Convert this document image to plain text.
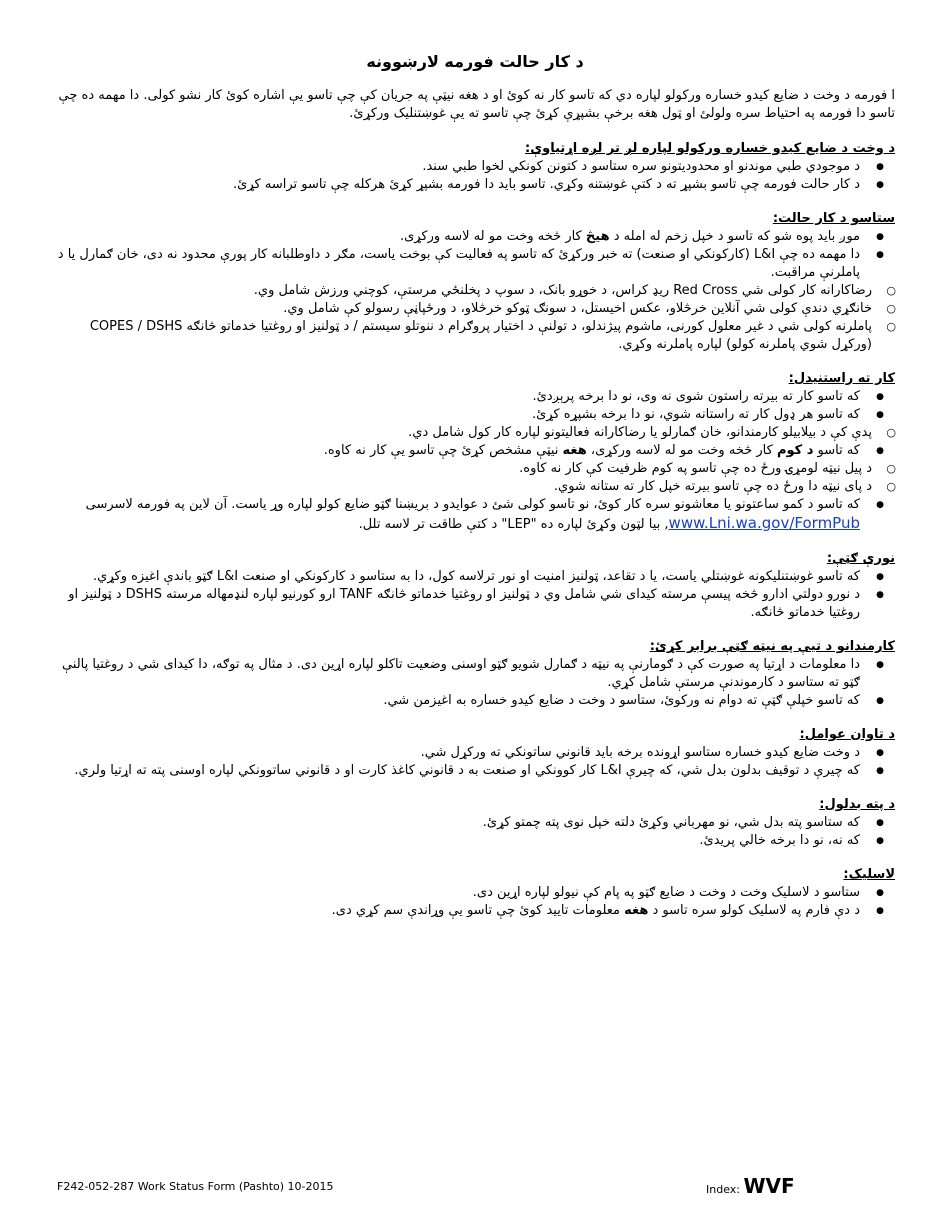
د کار حالت فورمه لارښوونه

ا فورمه د وخت د ضایع کیدو خساره ورکولو لپاره دي که تاسو کار نه کوئ او د هغه نیټې په جریان کې چې تاسو یې اشاره کوئ کار نشو کولی. دا مهمه ده چې تاسو دا فورمه په احتیاط سره ولولئ او ټول هغه برخې بشپړې کړئ چې تاسو ته یې غوښتنلیک ورکړئ.

د وخت د ضایع کیدو خساره ورکولو لپاره لږ تر لږه اړتیاوې:
● د موجودي طبي موندنو او محدودیتونو سره ستاسو د کتونن کونکي لخوا طبي سند.
● د کار حالت فورمه چې تاسو بشپړ ته د کتې غوښتنه وکړي. تاسو باید دا فورمه بشپړ کړئ هرکله چې تاسو تراسه کړئ.
ستاسو د کار حالت:
● موږ باید پوه شو که تاسو د خپل زخم له امله د هیڅ کار څخه وخت مو له لاسه ورکړی.
● دا مهمه ده چې L&I (کارکونکي او صنعت) ته خبر ورکړئ که تاسو په فعالیت کې بوخت یاست، مګر د داوطلبانه کار پورې محدود نه دی، خان ګمارل یا د پاملرنې مراقبت.
○ رضاکارانه کار کولی شي Red Cross ریډ کراس، د خوړو بانک، د سوپ د پخلنځي مرستې، کوچني ورزش شامل وي.
○ خانګړي دندې کولی شي آنلاین خرڅلاو، عکس اخیستل، د سونګ ټوکو خرڅلاو، د ورځپاڼې رسولو کې شامل وي.
○ پاملرنه کولی شي د غیر معلول کورنی، ماشوم پیژندلو، د تولنې د اختیار پروګرام د ننوتلو سیستم / د ټولنیز او روغتیا خدماتو څانګه COPES / DSHS (ورکړل شوي پاملرنه کولو) لپاره پاملرنه وکړي.
کار ته راستنیدل:
● که تاسو کار ته بیرته راستون شوی نه وی، نو دا برخه پرېږدئ.
● که تاسو هر ډول کار ته راستانه شوي، نو دا برخه بشپړه کړئ.
○ پدې کې د بیلابیلو کارمندانو، خان ګمارلو یا رضاکارانه فعالیتونو لپاره کار کول شامل دي.
● که تاسو د کوم کار څخه وخت مو له لاسه ورکړی، هغه نیټې مشخص کړئ چې تاسو یې کار نه کاوه.
○ د پیل نیټه لومړۍ ورځ ده چې تاسو په کوم ظرفیت کې کار نه کاوه.
○ د پای نیټه دا ورځ ده چې تاسو بیرته خپل کار ته ستانه شوي.
● که تاسو د کمو ساعتونو یا معاشونو سره کار کوئ، نو تاسو کولی شئ د عوایدو د بریښنا ګټو ضایع کولو لپاره وړ یاست. آن لاین په فورمه لاسرسی www.Lni.wa.gov/FormPub, بیا لټون وکړئ لپاره ده "LEP" د کتې طاقت تر لاسه تلل.
نورې ګټې:
● که تاسو غوښتنلیکونه غوښتلي یاست، یا د تقاعد، ټولنیز امنیت او نور ترلاسه کول، دا به ستاسو د کارکونکي او صنعت L&I ګټو باندې اغیزه وکړي.
● د نورو دولتي ادارو څخه پیسې مرسته کیدای شي شامل وي د ټولنیز او روغتیا خدماتو څانګه TANF ارو کورنیو لپاره لنډمهاله مرسته DSHS د ټولنیز او روغتیا خدماتو څانګه.
کارمندانو د تیې په نیټه ګټې برابر کړئ:
● دا معلومات د اړتیا په صورت کې د ګومارنې په نیټه د ګمارل شویو ګټو اوسنی وضعیت تاکلو لپاره اړین دی. د مثال په توګه، دا کیدای شي د روغتیا پالنې ګټو ته ستاسو د کارموندنې مرستې شامل کړي.
● که تاسو خپلې ګټې ته دوام نه ورکوئ، ستاسو د وخت د ضایع کیدو خساره به اغیزمن شي.
د تاوان عوامل:
● د وخت ضایع کیدو خساره ستاسو اړونده برخه باید قانوني ساتونکي ته ورکړل شي.
● که چیرې د توقیف بدلون بدل شي، که چیرې L&I کار کوونکي او صنعت به د قانوني کاغذ کارت او د قانوني ساتوونکي لپاره اوسنی پته ته اړتیا ولري.
د پته بدلول:
● که ستاسو پته بدل شي، نو مهرباني وکړئ دلته خپل نوی پته چمتو کړئ.
● که نه، نو دا برخه خالي پریدئ.
لاسلیک:
● ستاسو د لاسلیک وخت د وخت د ضایع ګټو په پام کې نیولو لپاره اړین دی.
● د دې فارم په لاسلیک کولو سره تاسو د هغه معلومات تایید کوئ چې تاسو یې وړاندې سم کړي دی.
F242-052-287 Work Status Form (Pashto) 10-2015	Index: WVF
